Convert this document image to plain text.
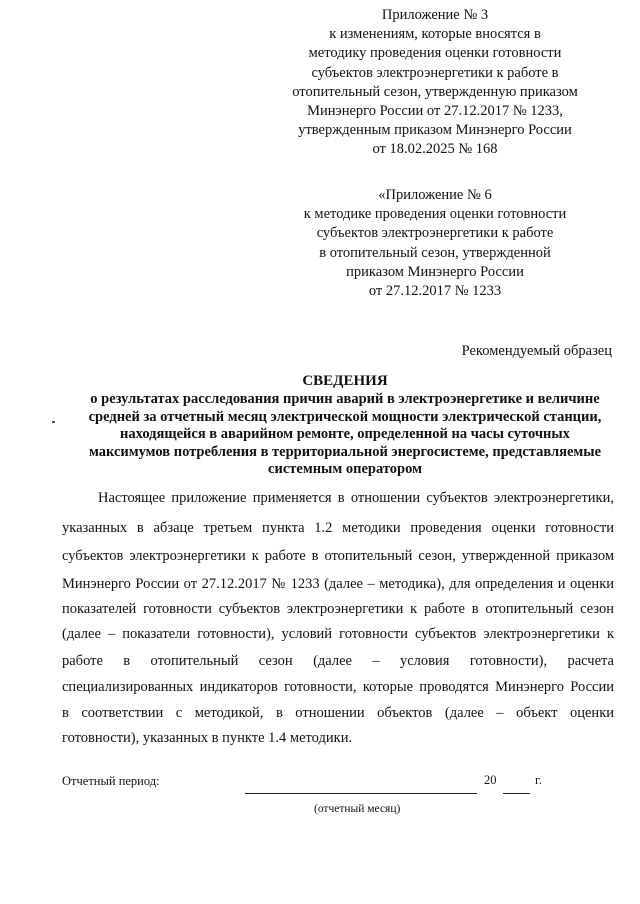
Приложение № 3
к изменениям, которые вносятся в
методику проведения оценки готовности
субъектов электроэнергетики к работе в
отопительный сезон, утвержденную приказом
Минэнерго России от 27.12.2017 № 1233,
утвержденным приказом Минэнерго России
от 18.02.2025 № 168
«Приложение № 6
к методике проведения оценки готовности
субъектов электроэнергетики к работе
в отопительный сезон, утвержденной
приказом Минэнерго России
от 27.12.2017 № 1233
Рекомендуемый образец
СВЕДЕНИЯ
о результатах расследования причин аварий в электроэнергетике и величине
средней за отчетный месяц электрической мощности электрической станции,
находящейся в аварийном ремонте, определенной на часы суточных
максимумов потребления в территориальной энергосистеме, представляемые
системным оператором
Настоящее приложение применяется в отношении субъектов электроэнергетики,
указанных в абзаце третьем пункта 1.2 методики проведения оценки готовности
субъектов электроэнергетики к работе в отопительный сезон, утвержденной приказом
Минэнерго России от 27.12.2017 № 1233 (далее – методика), для определения и оценки
показателей готовности субъектов электроэнергетики к работе в отопительный сезон
(далее – показатели готовности), условий готовности субъектов электроэнергетики к
работе в отопительный сезон (далее – условия готовности), расчета
специализированных индикаторов готовности, которые проводятся Минэнерго России
в соответствии с методикой, в отношении объектов (далее – объект оценки
готовности), указанных в пункте 1.4 методики.
Отчетный период:	20	г.
(отчетный месяц)
